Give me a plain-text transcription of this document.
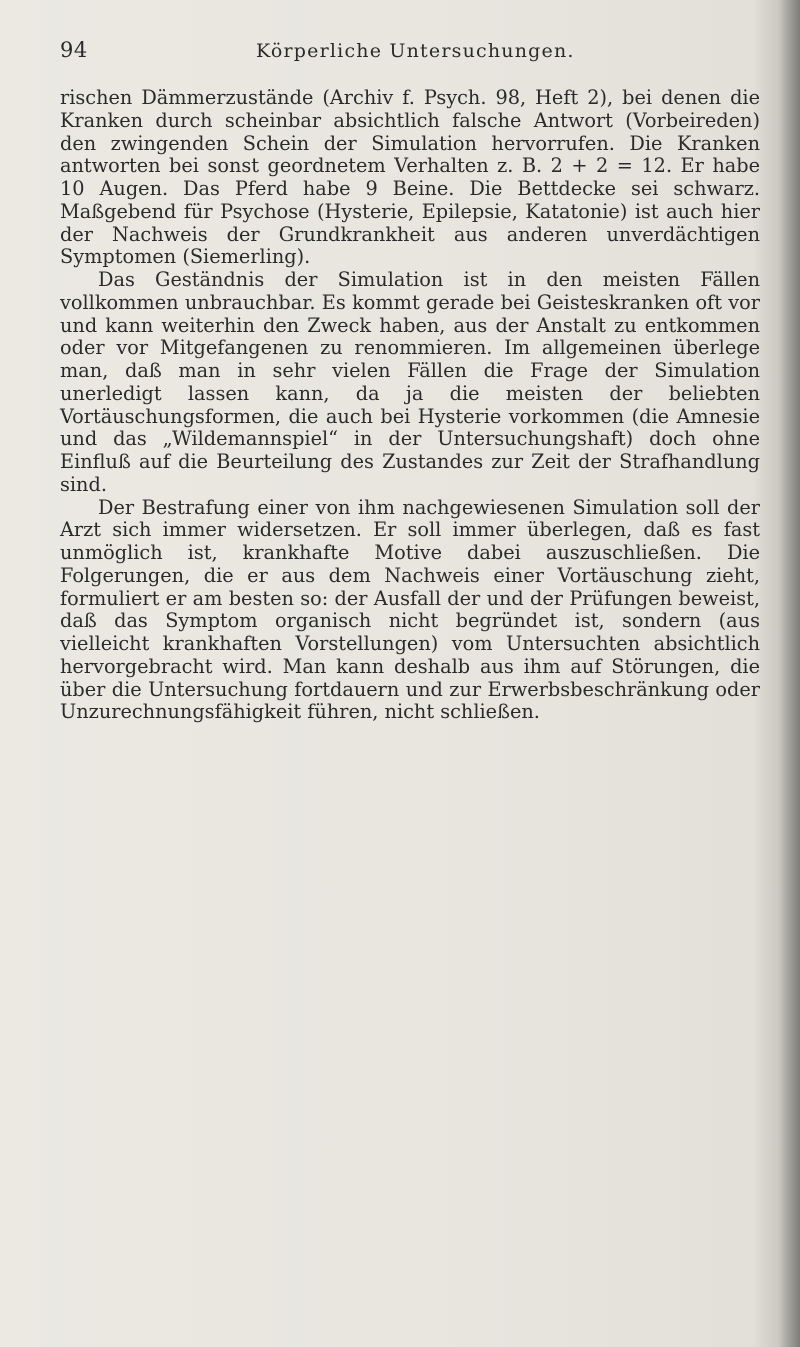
94	Körperliche Untersuchungen.

rischen Dämmerzustände (Archiv f. Psych. 98, Heft 2), bei denen die Kranken durch scheinbar absichtlich falsche Antwort (Vorbeireden) den zwingenden Schein der Simulation hervorrufen. Die Kranken antworten bei sonst geordnetem Verhalten z. B. 2 + 2 = 12. Er habe 10 Augen. Das Pferd habe 9 Beine. Die Bettdecke sei schwarz. Maßgebend für Psychose (Hysterie, Epilepsie, Katatonie) ist auch hier der Nachweis der Grundkrankheit aus anderen unverdächtigen Symptomen (Siemerling).

Das Geständnis der Simulation ist in den meisten Fällen vollkommen unbrauchbar. Es kommt gerade bei Geisteskranken oft vor und kann weiterhin den Zweck haben, aus der Anstalt zu entkommen oder vor Mitgefangenen zu renommieren. Im allgemeinen überlege man, daß man in sehr vielen Fällen die Frage der Simulation unerledigt lassen kann, da ja die meisten der beliebten Vortäuschungsformen, die auch bei Hysterie vorkommen (die Amnesie und das „Wildemannspiel“ in der Untersuchungshaft) doch ohne Einfluß auf die Beurteilung des Zustandes zur Zeit der Strafhandlung sind.

Der Bestrafung einer von ihm nachgewiesenen Simulation soll der Arzt sich immer widersetzen. Er soll immer überlegen, daß es fast unmöglich ist, krankhafte Motive dabei auszuschließen. Die Folgerungen, die er aus dem Nachweis einer Vortäuschung zieht, formuliert er am besten so: der Ausfall der und der Prüfungen beweist, daß das Symptom organisch nicht begründet ist, sondern (aus vielleicht krankhaften Vorstellungen) vom Untersuchten absichtlich hervorgebracht wird. Man kann deshalb aus ihm auf Störungen, die über die Untersuchung fortdauern und zur Erwerbsbeschränkung oder Unzurechnungsfähigkeit führen, nicht schließen.
